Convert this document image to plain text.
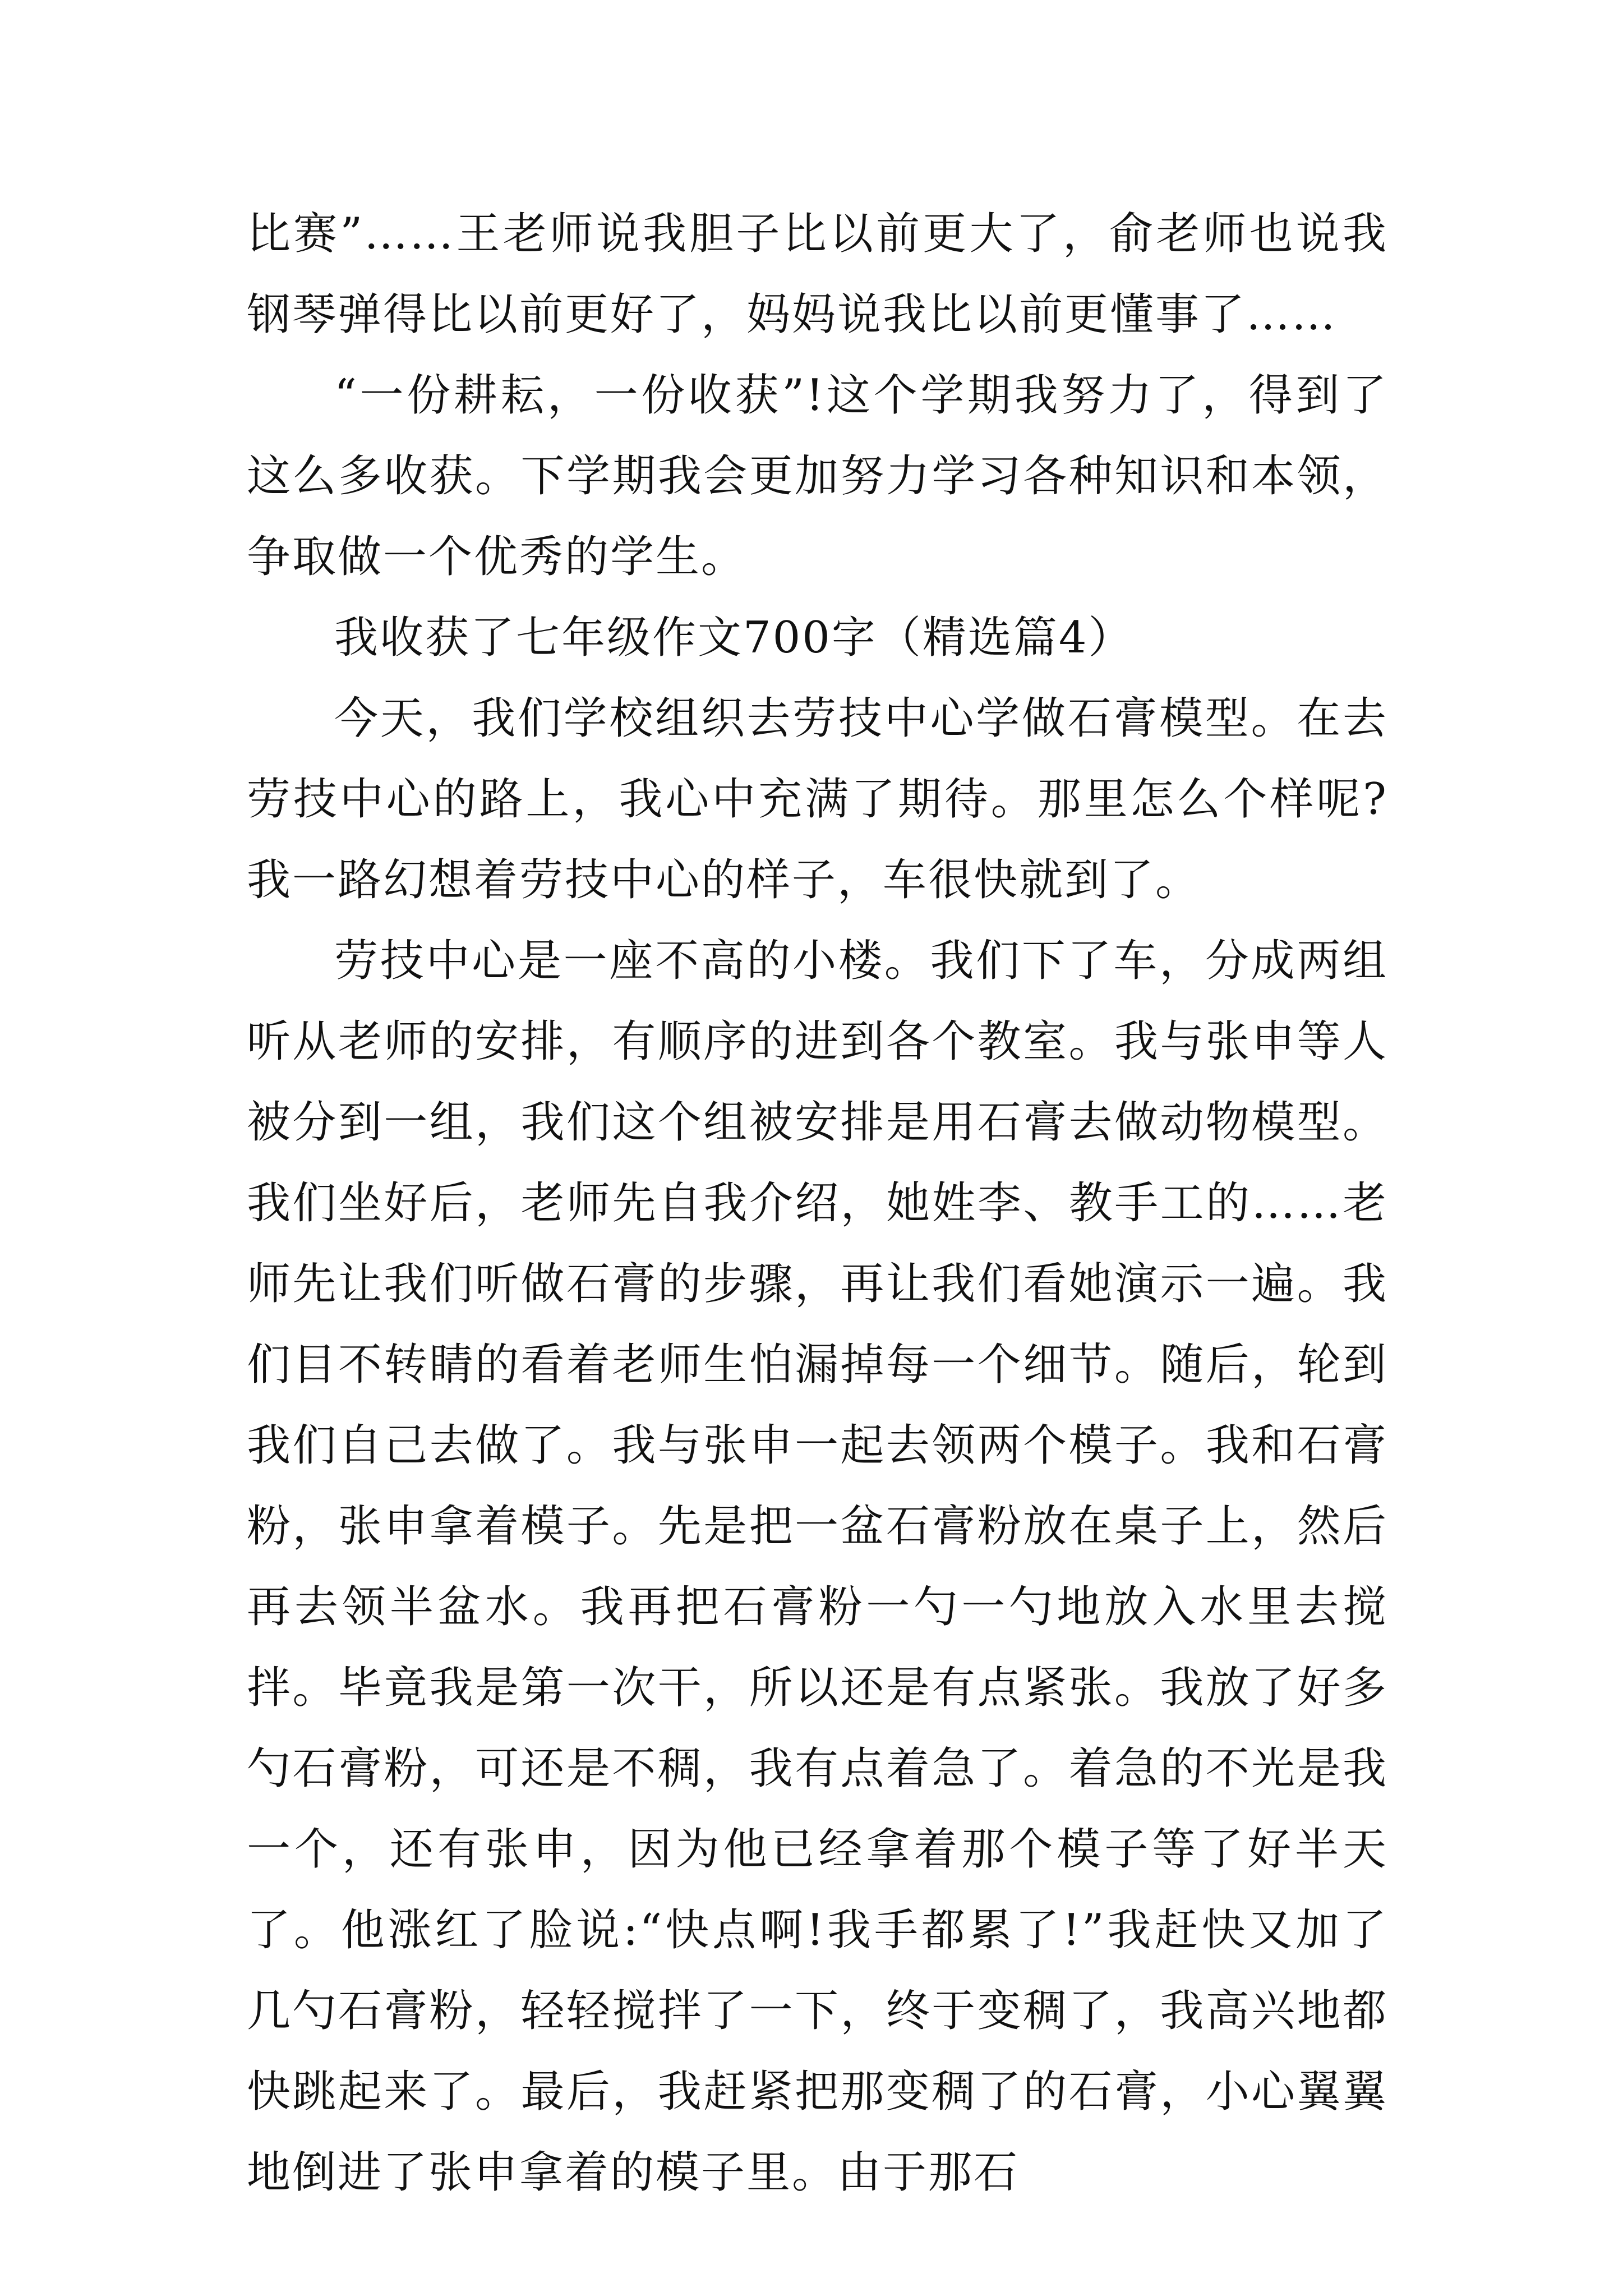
比赛”……王老师说我胆子比以前更大了，俞老师也说我钢琴弹得比以前更好了，妈妈说我比以前更懂事了……

“一份耕耘，一份收获”!这个学期我努力了，得到了这么多收获。下学期我会更加努力学习各种知识和本领，争取做一个优秀的学生。

我收获了七年级作文700字（精选篇4）

今天，我们学校组织去劳技中心学做石膏模型。在去劳技中心的路上，我心中充满了期待。那里怎么个样呢?我一路幻想着劳技中心的样子，车很快就到了。

劳技中心是一座不高的小楼。我们下了车，分成两组听从老师的安排，有顺序的进到各个教室。我与张申等人被分到一组，我们这个组被安排是用石膏去做动物模型。我们坐好后，老师先自我介绍，她姓李、教手工的……老师先让我们听做石膏的步骤，再让我们看她演示一遍。我们目不转睛的看着老师生怕漏掉每一个细节。随后，轮到我们自己去做了。我与张申一起去领两个模子。我和石膏粉，张申拿着模子。先是把一盆石膏粉放在桌子上，然后再去领半盆水。我再把石膏粉一勺一勺地放入水里去搅拌。毕竟我是第一次干，所以还是有点紧张。我放了好多勺石膏粉，可还是不稠，我有点着急了。着急的不光是我一个，还有张申，因为他已经拿着那个模子等了好半天了。他涨红了脸说:“快点啊!我手都累了!”我赶快又加了几勺石膏粉，轻轻搅拌了一下，终于变稠了，我高兴地都快跳起来了。最后，我赶紧把那变稠了的石膏，小心翼翼地倒进了张申拿着的模子里。由于那石
